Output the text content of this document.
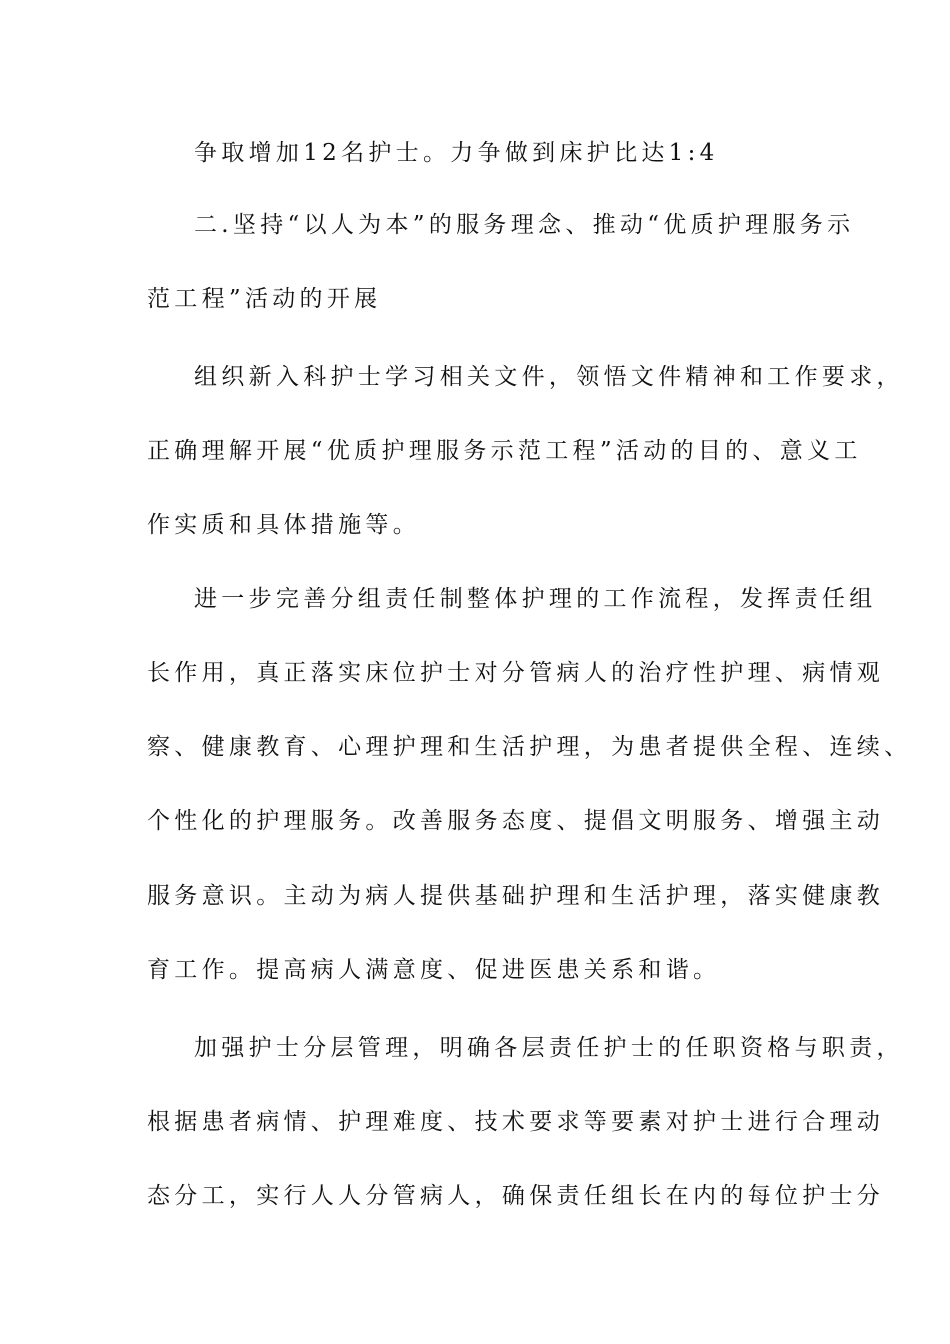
争取增加12名护士。力争做到床护比达1:4
二.坚持“以人为本”的服务理念、推动“优质护理服务示
范工程”活动的开展
组织新入科护士学习相关文件，领悟文件精神和工作要求，
正确理解开展“优质护理服务示范工程”活动的目的、意义工
作实质和具体措施等。
进一步完善分组责任制整体护理的工作流程，发挥责任组
长作用，真正落实床位护士对分管病人的治疗性护理、病情观
察、健康教育、心理护理和生活护理，为患者提供全程、连续、
个性化的护理服务。改善服务态度、提倡文明服务、增强主动
服务意识。主动为病人提供基础护理和生活护理，落实健康教
育工作。提高病人满意度、促进医患关系和谐。
加强护士分层管理，明确各层责任护士的任职资格与职责，
根据患者病情、护理难度、技术要求等要素对护士进行合理动
态分工，实行人人分管病人，确保责任组长在内的每位护士分
